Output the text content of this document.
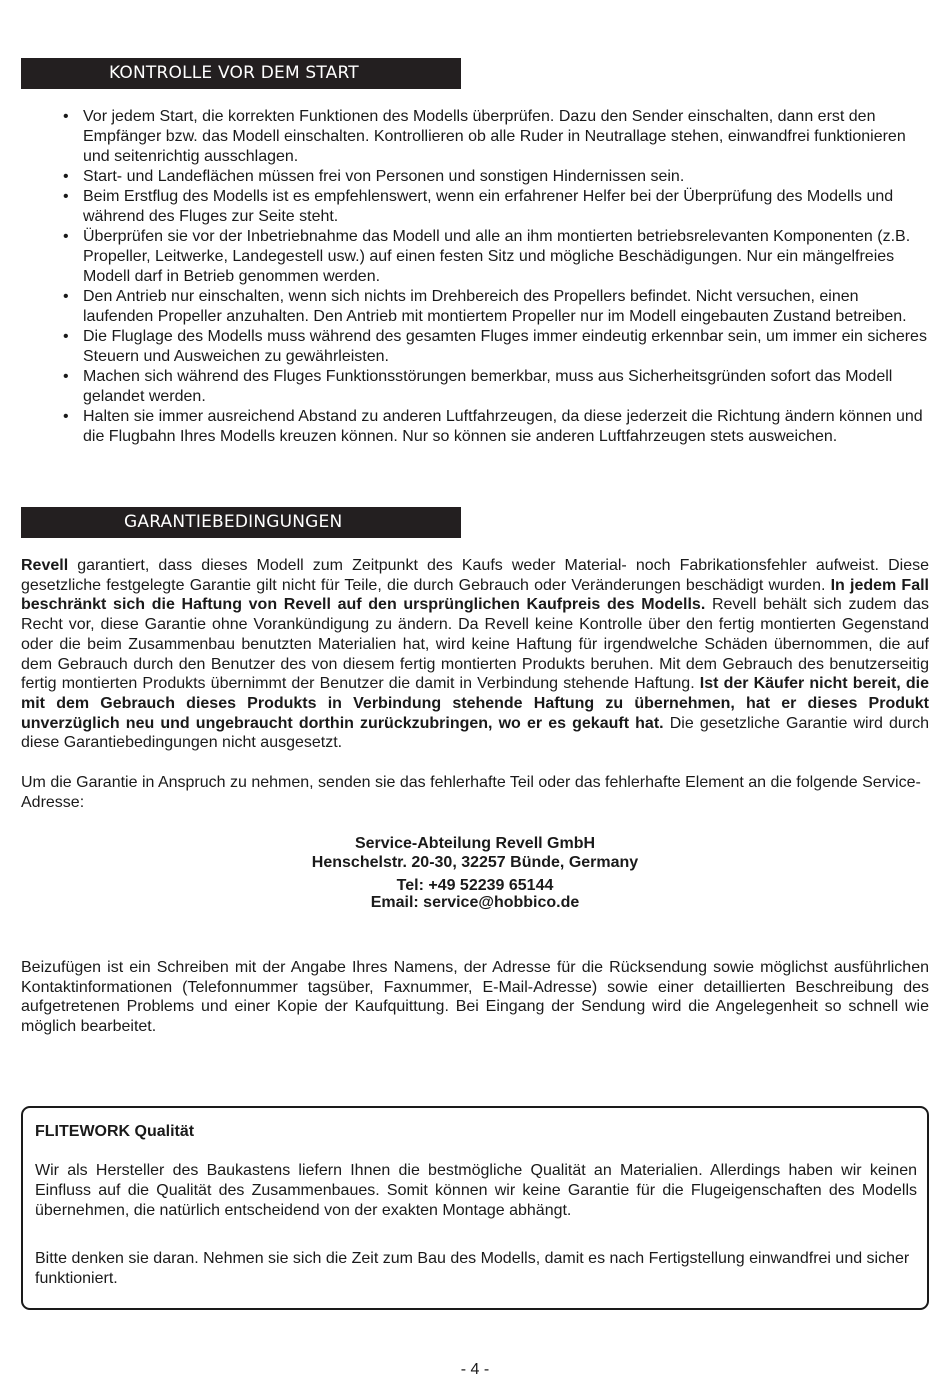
KONTROLLE VOR DEM START
• Vor jedem Start, die korrekten Funktionen des Modells überprüfen. Dazu den Sender einschalten, dann erst den Empfänger bzw. das Modell einschalten. Kontrollieren ob alle Ruder in Neutrallage stehen, einwandfrei funktionieren und seitenrichtig ausschlagen.
• Start- und Landeflächen müssen frei von Personen und sonstigen Hindernissen sein.
• Beim Erstflug des Modells ist es empfehlenswert, wenn ein erfahrener Helfer bei der Überprüfung des Modells und während des Fluges zur Seite steht.
• Überprüfen sie vor der Inbetriebnahme das Modell und alle an ihm montierten betriebsrelevanten Komponenten (z.B. Propeller, Leitwerke, Landegestell usw.) auf einen festen Sitz und mögliche Beschädigungen. Nur ein mängelfreies Modell darf in Betrieb genommen werden.
• Den Antrieb nur einschalten, wenn sich nichts im Drehbereich des Propellers befindet. Nicht versuchen, einen laufenden Propeller anzuhalten. Den Antrieb mit montiertem Propeller nur im Modell eingebauten Zustand betreiben.
• Die Fluglage des Modells muss während des gesamten Fluges immer eindeutig erkennbar sein, um immer ein sicheres Steuern und Ausweichen zu gewährleisten.
• Machen sich während des Fluges Funktionsstörungen bemerkbar, muss aus Sicherheitsgründen sofort das Modell gelandet werden.
• Halten sie immer ausreichend Abstand zu anderen Luftfahrzeugen, da diese jederzeit die Richtung ändern können und die Flugbahn Ihres Modells kreuzen können. Nur so können sie anderen Luftfahrzeugen stets ausweichen.
GARANTIEBEDINGUNGEN

Revell garantiert, dass dieses Modell zum Zeitpunkt des Kaufs weder Material- noch Fabrikationsfehler aufweist. Diese gesetzliche festgelegte Garantie gilt nicht für Teile, die durch Gebrauch oder Veränderungen beschädigt wurden. In jedem Fall beschränkt sich die Haftung von Revell auf den ursprünglichen Kaufpreis des Modells. Revell behält sich zudem das Recht vor, diese Garantie ohne Vorankündigung zu ändern. Da Revell keine Kontrolle über den fertig montierten Gegenstand oder die beim Zusammenbau benutzten Materialien hat, wird keine Haftung für irgendwelche Schäden übernommen, die auf dem Gebrauch durch den Benutzer des von diesem fertig montierten Produkts beruhen. Mit dem Gebrauch des benutzerseitig fertig montierten Produkts übernimmt der Benutzer die damit in Verbindung stehende Haftung. Ist der Käufer nicht bereit, die mit dem Gebrauch dieses Produkts in Verbindung stehende Haftung zu übernehmen, hat er dieses Produkt unverzüglich neu und ungebraucht dorthin zurückzubringen, wo er es gekauft hat. Die gesetzliche Garantie wird durch diese Garantiebedingungen nicht ausgesetzt.

Um die Garantie in Anspruch zu nehmen, senden sie das fehlerhafte Teil oder das fehlerhafte Element an die folgende Service-Adresse:

Service-Abteilung Revell GmbH
Henschelstr. 20-30, 32257 Bünde, Germany
Tel: +49 52239 65144
Email: service@hobbico.de

Beizufügen ist ein Schreiben mit der Angabe Ihres Namens, der Adresse für die Rücksendung sowie möglichst ausführlichen Kontaktinformationen (Telefonnummer tagsüber, Faxnummer, E-Mail-Adresse) sowie einer detaillierten Beschreibung des aufgetretenen Problems und einer Kopie der Kaufquittung. Bei Eingang der Sendung wird die Angelegenheit so schnell wie möglich bearbeitet.

FLITEWORK Qualität

Wir als Hersteller des Baukastens liefern Ihnen die bestmögliche Qualität an Materialien. Allerdings haben wir keinen Einfluss auf die Qualität des Zusammenbaues. Somit können wir keine Garantie für die Flugeigenschaften des Modells übernehmen, die natürlich entscheidend von der exakten Montage abhängt.

Bitte denken sie daran. Nehmen sie sich die Zeit zum Bau des Modells, damit es nach Fertigstellung einwandfrei und sicher funktioniert.

- 4 -
